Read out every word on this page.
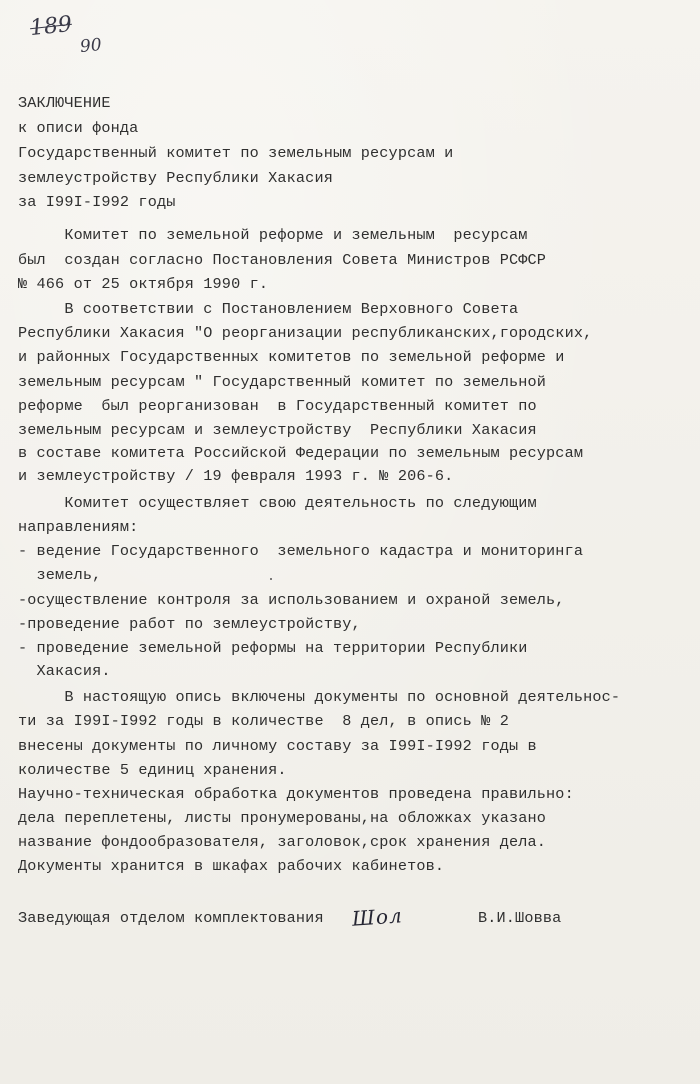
189
90
ЗАКЛЮЧЕНИЕ
к описи фонда
Государственный комитет по земельным ресурсам и
землеустройству Республики Хакасия
за I99I-I992 годы
Комитет по земельной реформе и земельным  ресурсам
был  создан согласно Постановления Совета Министров РСФСР
№ 466 от 25 октября 1990 г.
В соответствии с Постановлением Верховного Совета
Республики Хакасия "О реорганизации республиканских,городских,
и районных Государственных комитетов по земельной реформе и
земельным ресурсам " Государственный комитет по земельной
реформе  был реорганизован  в Государственный комитет по
земельным ресурсам и землеустройству  Республики Хакасия
в составе комитета Российской Федерации по земельным ресурсам
и землеустройству / 19 февраля 1993 г. № 206-6.
Комитет осуществляет свою деятельность по следующим
направлениям:
- ведение Государственного  земельного кадастра и мониторинга
земель,
-осуществление контроля за использованием и охраной земель,
-проведение работ по землеустройству,
- проведение земельной реформы на территории Республики
Хакасия.
В настоящую опись включены документы по основной деятельнос-
ти за I99I-I992 годы в количестве  8 дел, в опись № 2
внесены документы по личному составу за I99I-I992 годы в
количестве 5 единиц хранения.
Научно-техническая обработка документов проведена правильно:
дела переплетены, листы пронумерованы,на обложках указано
название фондообразователя, заголовок,срок хранения дела.
Документы хранится в шкафах рабочих кабинетов.
Заведующая отделом комплектования Шол	В.И.Шовва
